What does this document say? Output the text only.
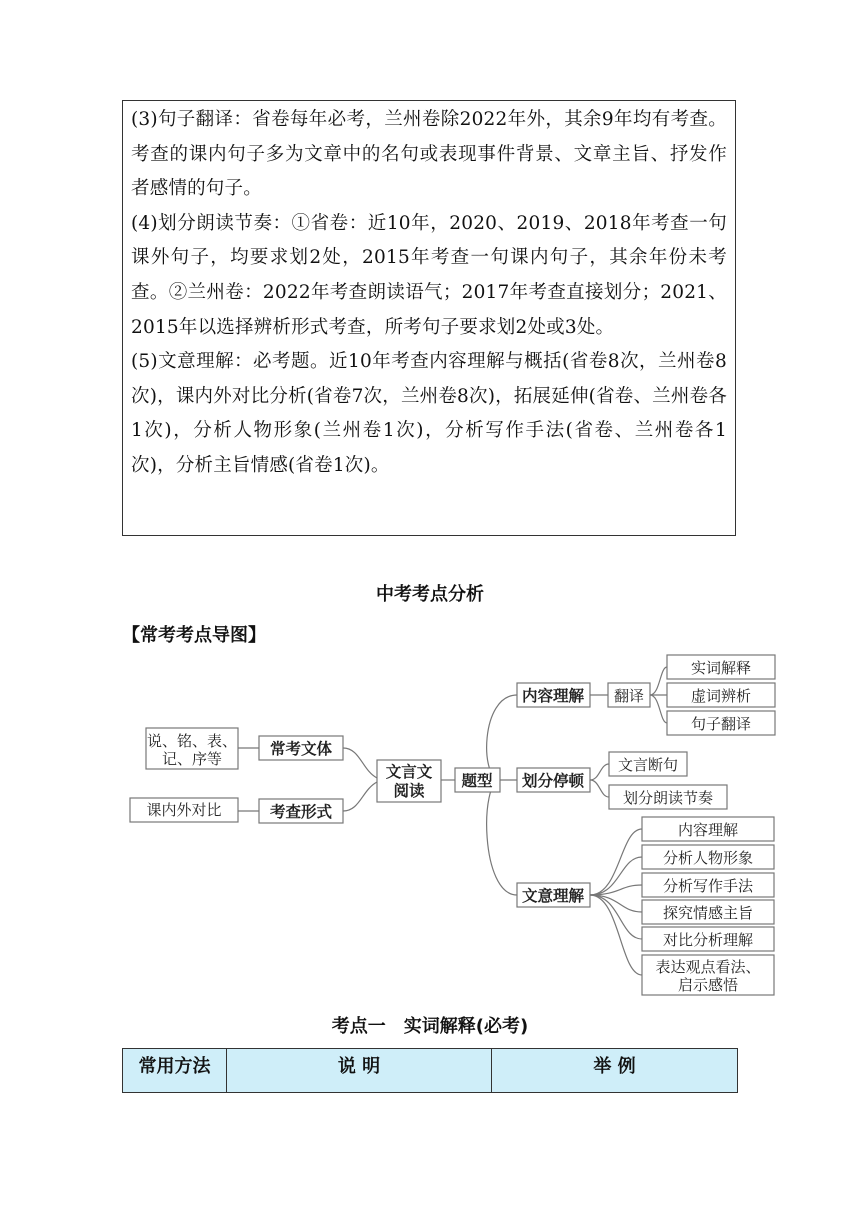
(3)句子翻译：省卷每年必考，兰州卷除2022年外，其余9年均有考查。考查的课内句子多为文章中的名句或表现事件背景、文章主旨、抒发作者感情的句子。

(4)划分朗读节奏：①省卷：近10年，2020、2019、2018年考查一句课外句子，均要求划2处，2015年考查一句课内句子，其余年份未考查。②兰州卷：2022年考查朗读语气；2017年考查直接划分；2021、2015年以选择辨析形式考查，所考句子要求划2处或3处。

(5)文意理解：必考题。近10年考查内容理解与概括(省卷8次，兰州卷8次)，课内外对比分析(省卷7次，兰州卷8次)，拓展延伸(省卷、兰州卷各1次)，分析人物形象(兰州卷1次)，分析写作手法(省卷、兰州卷各1次)，分析主旨情感(省卷1次)。

中考考点分析
【常考考点导图】
说、铭、表、
记、序等
常考文体
课内外对比	考查形式
文言文
阅读
题型
内容理解 翻译
实词解释
虚词辨析
句子翻译
划分停顿
文言断句
划分朗读节奏
文意理解
内容理解
分析人物形象
分析写作手法
探究情感主旨
对比分析理解
表达观点看法、
启示感悟
考点一　实词解释(必考)
常用方法	说 明	举 例
